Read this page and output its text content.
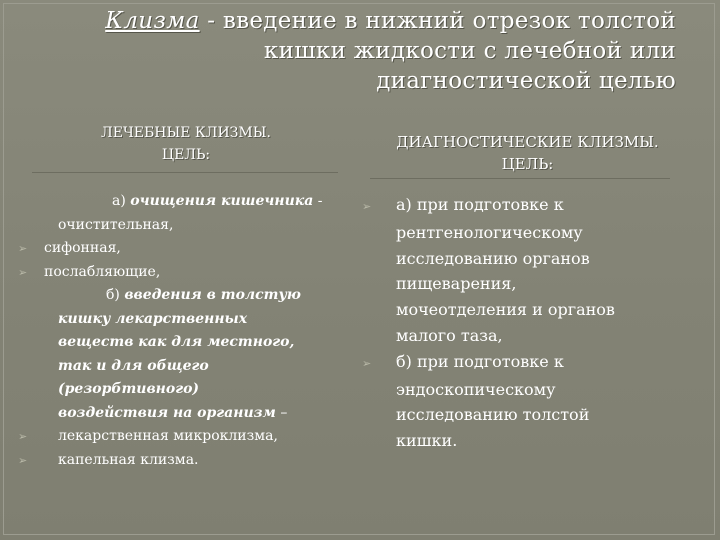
Клизма - введение в нижний отрезок толстой
кишки жидкости с лечебной или
диагностической целью
ЛЕЧЕБНЫЕ КЛИЗМЫ.
ЦЕЛЬ:
ДИАГНОСТИЧЕСКИЕ КЛИЗМЫ.
ЦЕЛЬ:
а) очищения кишечника -
очистительная,
➢ сифонная,
➢ послабляющие,
б) введения в толстую
кишку лекарственных
веществ как для местного,
так и для общего
(резорбтивного)
воздействия на организм –
➢ лекарственная микроклизма,
➢ капельная клизма.
➢ а) при подготовке к
рентгенологическому
исследованию органов
пищеварения,
мочеотделения и органов
малого таза,
➢ б) при подготовке к
эндоскопическому
исследованию толстой
кишки.
